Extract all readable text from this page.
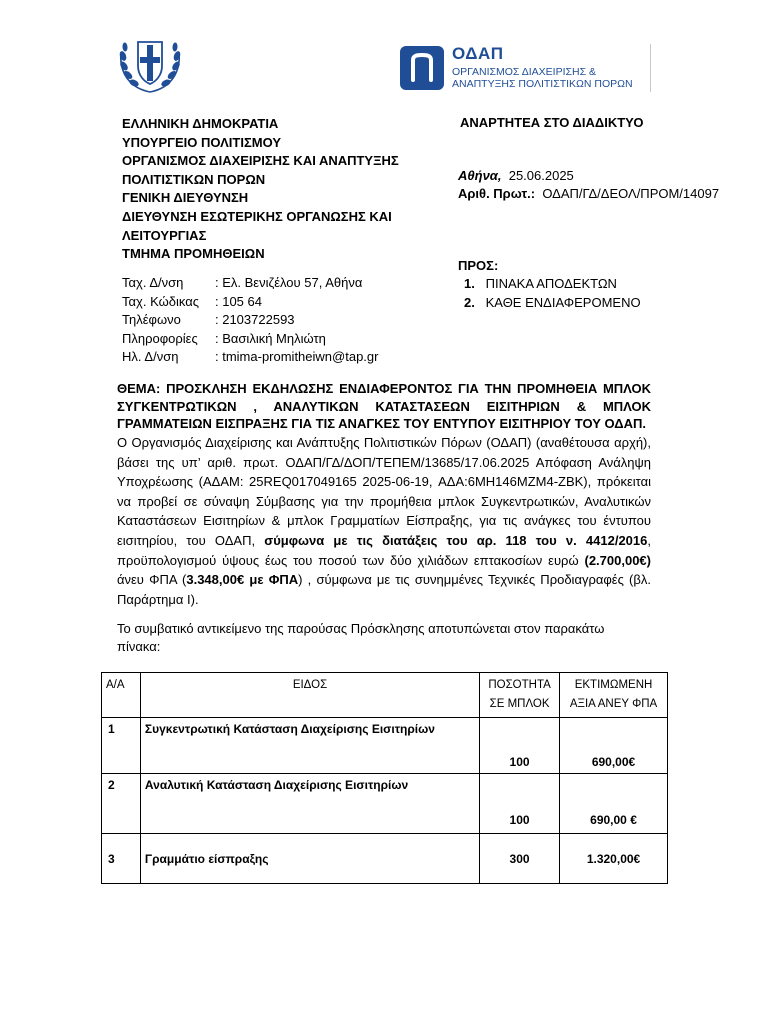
ΟΔΑΠ
ΟΡΓΑΝΙΣΜΟΣ ΔΙΑΧΕΙΡΙΣΗΣ &
ΑΝΑΠΤΥΞΗΣ ΠΟΛΙΤΙΣΤΙΚΩΝ ΠΟΡΩΝ
ΕΛΛΗΝΙΚΗ ΔΗΜΟΚΡΑΤΙΑ
ΥΠΟΥΡΓΕΙΟ ΠΟΛΙΤΙΣΜΟΥ
ΟΡΓΑΝΙΣΜΟΣ ΔΙΑΧΕΙΡΙΣΗΣ ΚΑΙ ΑΝΑΠΤΥΞΗΣ ΠΟΛΙΤΙΣΤΙΚΩΝ ΠΟΡΩΝ
ΓΕΝΙΚΗ ΔΙΕΥΘΥΝΣΗ
ΔΙΕΥΘΥΝΣΗ ΕΣΩΤΕΡΙΚΗΣ ΟΡΓΑΝΩΣΗΣ ΚΑΙ ΛΕΙΤΟΥΡΓΙΑΣ
ΤΜΗΜΑ ΠΡΟΜΗΘΕΙΩΝ
ΑΝΑΡΤΗΤΕΑ ΣΤΟ ΔΙΑΔΙΚΤΥΟ
Αθήνα, 25.06.2025
Αριθ. Πρωτ.: ΟΔΑΠ/ΓΔ/ΔΕΟΛ/ΠΡΟΜ/14097
ΠΡΟΣ:
1. ΠΙΝΑΚΑ ΑΠΟΔΕΚΤΩΝ
2. ΚΑΘΕ ΕΝΔΙΑΦΕΡΟΜΕΝΟ
Ταχ. Δ/νση : Ελ. Βενιζέλου 57, Αθήνα
Ταχ. Κώδικας : 105 64
Τηλέφωνο	: 2103722593
Πληροφορίες : Βασιλική Μηλιώτη
Ηλ. Δ/νση	: tmima-promitheiwn@tap.gr
ΘΕΜΑ: ΠΡΟΣΚΛΗΣΗ ΕΚΔΗΛΩΣΗΣ ΕΝΔΙΑΦΕΡΟΝΤΟΣ ΓΙΑ ΤΗΝ ΠΡΟΜΗΘΕΙΑ ΜΠΛΟΚ ΣΥΓΚΕΝΤΡΩΤΙΚΩΝ , ΑΝΑΛΥΤΙΚΩΝ ΚΑΤΑΣΤΑΣΕΩΝ ΕΙΣΙΤΗΡΙΩΝ & ΜΠΛΟΚ ΓΡΑΜΜΑΤΕΙΩΝ ΕΙΣΠΡΑΞΗΣ ΓΙΑ ΤΙΣ ΑΝΑΓΚΕΣ ΤΟΥ ΕΝΤΥΠΟΥ ΕΙΣΙΤΗΡΙΟΥ ΤΟΥ ΟΔΑΠ.
Ο Οργανισμός Διαχείρισης και Ανάπτυξης Πολιτιστικών Πόρων (ΟΔΑΠ) (αναθέτουσα αρχή), βάσει της υπ’ αριθ. πρωτ. ΟΔΑΠ/ΓΔ/ΔΟΠ/ΤΕΠΕΜ/13685/17.06.2025 Απόφαση Ανάληψη Υποχρέωσης (ΑΔΑΜ: 25REQ017049165 2025-06-19, ΑΔΑ:6ΜΗ146ΜΖΜ4-ΖΒΚ), πρόκειται να προβεί σε σύναψη Σύμβασης για την προμήθεια μπλοκ Συγκεντρωτικών, Αναλυτικών Καταστάσεων Εισιτηρίων & μπλοκ Γραμματίων Είσπραξης, για τις ανάγκες του έντυπου εισιτηρίου, του ΟΔΑΠ, σύμφωνα με τις διατάξεις του αρ. 118 του ν. 4412/2016, προϋπολογισμού ύψους έως του ποσού των δύο χιλιάδων επτακοσίων ευρώ (2.700,00€) άνευ ΦΠΑ (3.348,00€ με ΦΠΑ) , σύμφωνα με τις συνημμένες Τεχνικές Προδιαγραφές (βλ. Παράρτημα Ι).
Το συμβατικό αντικείμενο της παρούσας Πρόσκλησης αποτυπώνεται στον παρακάτω πίνακα:
Α/Α	ΕΙΔΟΣ	ΠΟΣΟΤΗΤΑ ΣΕ ΜΠΛΟΚ	ΕΚΤΙΜΩΜΕΝΗ ΑΞΙΑ ΑΝΕΥ ΦΠΑ
1	Συγκεντρωτική Κατάσταση Διαχείρισης Εισιτηρίων	100	690,00€
2	Αναλυτική Κατάσταση Διαχείρισης Εισιτηρίων	100	690,00 €
3	Γραμμάτιο είσπραξης	300	1.320,00€
